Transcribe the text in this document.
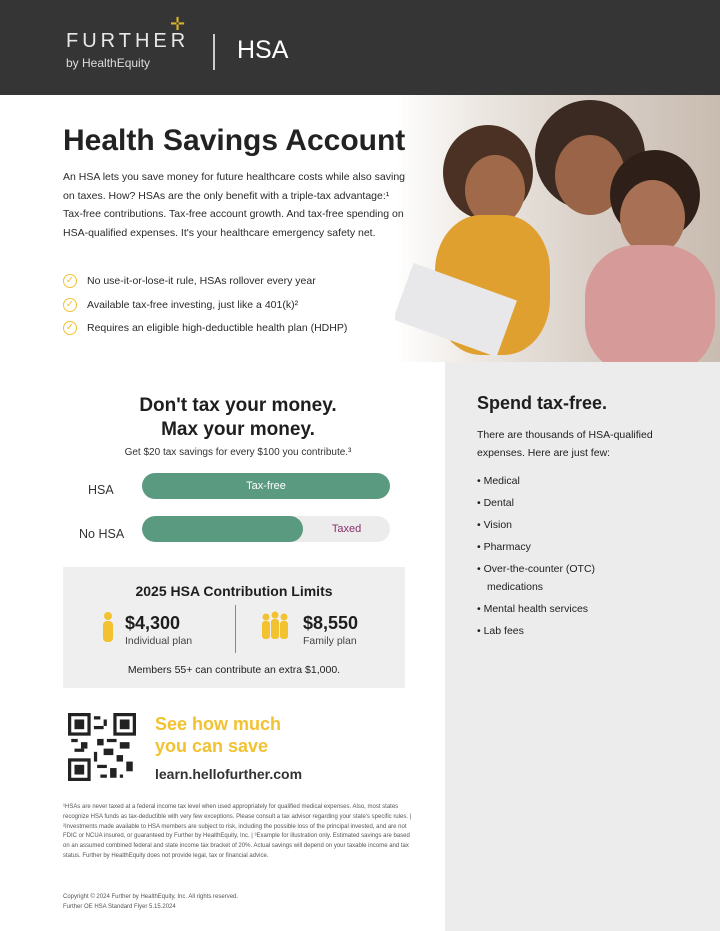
FURTHER
✛
by HealthEquity	HSA
Health Savings Account
An HSA lets you save money for future healthcare costs while also saving on taxes. How? HSAs are the only benefit with a triple-tax advantage:¹ Tax-free contributions. Tax-free account growth. And tax-free spending on HSA-qualified expenses. It's your healthcare emergency safety net.
✓ No use-it-or-lose-it rule, HSAs rollover every year
✓ Available tax-free investing, just like a 401(k)²
✓ Requires an eligible high-deductible health plan (HDHP)
Don't tax your money.
Max your money.
Get $20 tax savings for every $100 you contribute.³
HSA	Tax-free
No HSA	Taxed
2025 HSA Contribution Limits
$4,300
Individual plan
$8,550
Family plan
Members 55+ can contribute an extra $1,000.
See how much
you can save
learn.hellofurther.com
¹HSAs are never taxed at a federal income tax level when used appropriately for qualified medical expenses. Also, most states recognize HSA funds as tax-deductible with very few exceptions. Please consult a tax advisor regarding your state's specific rules. | ²Investments made available to HSA members are subject to risk, including the possible loss of the principal invested, and are not FDIC or NCUA insured, or guaranteed by Further by HealthEquity, Inc. | ³Example for illustration only. Estimated savings are based on an assumed combined federal and state income tax bracket of 20%. Actual savings will depend on your taxable income and tax status. Further by HealthEquity does not provide legal, tax or financial advice.
Copyright © 2024 Further by HealthEquity, Inc. All rights reserved.
Further OE HSA Standard Flyer 5.15.2024
Spend tax-free.
There are thousands of HSA-qualified expenses. Here are just few:
• Medical
• Dental
• Vision
• Pharmacy
• Over-the-counter (OTC) medications
• Mental health services
• Lab fees
